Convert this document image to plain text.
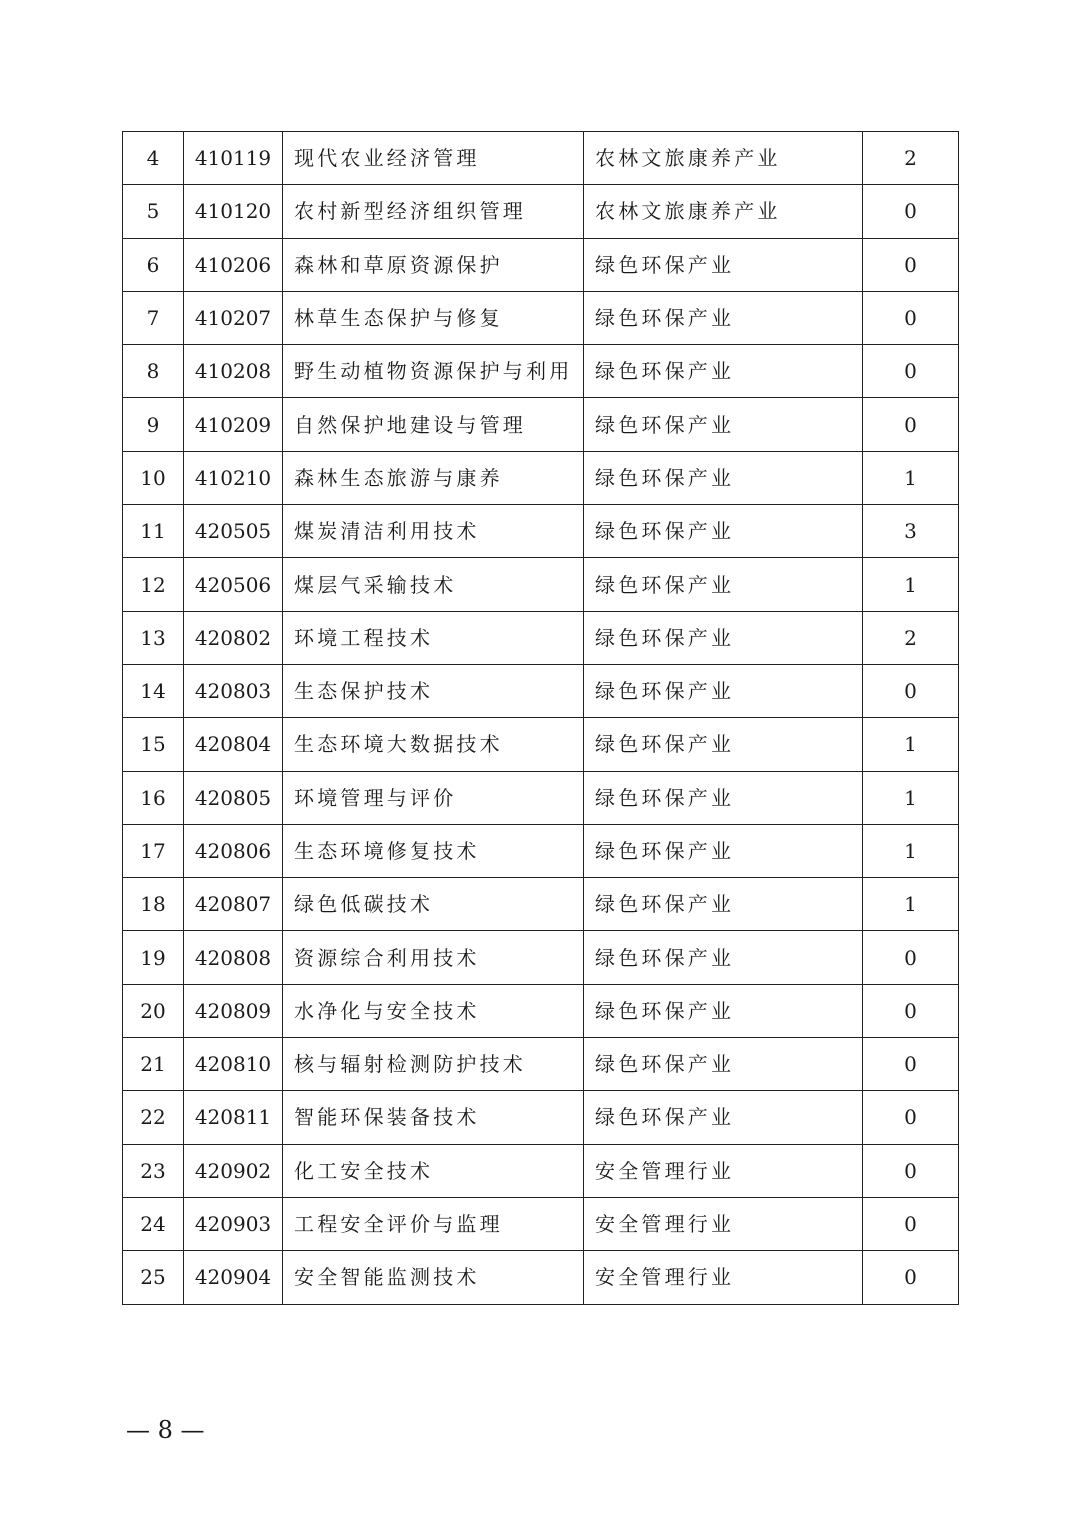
4	410119	现代农业经济管理	农林文旅康养产业	2
5	410120	农村新型经济组织管理	农林文旅康养产业	0
6	410206	森林和草原资源保护	绿色环保产业	0
7	410207	林草生态保护与修复	绿色环保产业	0
8	410208	野生动植物资源保护与利用	绿色环保产业	0
9	410209	自然保护地建设与管理	绿色环保产业	0
10	410210	森林生态旅游与康养	绿色环保产业	1
11	420505	煤炭清洁利用技术	绿色环保产业	3
12	420506	煤层气采输技术	绿色环保产业	1
13	420802	环境工程技术	绿色环保产业	2
14	420803	生态保护技术	绿色环保产业	0
15	420804	生态环境大数据技术	绿色环保产业	1
16	420805	环境管理与评价	绿色环保产业	1
17	420806	生态环境修复技术	绿色环保产业	1
18	420807	绿色低碳技术	绿色环保产业	1
19	420808	资源综合利用技术	绿色环保产业	0
20	420809	水净化与安全技术	绿色环保产业	0
21	420810	核与辐射检测防护技术	绿色环保产业	0
22	420811	智能环保装备技术	绿色环保产业	0
23	420902	化工安全技术	安全管理行业	0
24	420903	工程安全评价与监理	安全管理行业	0
25	420904	安全智能监测技术	安全管理行业	0
— 8 —
